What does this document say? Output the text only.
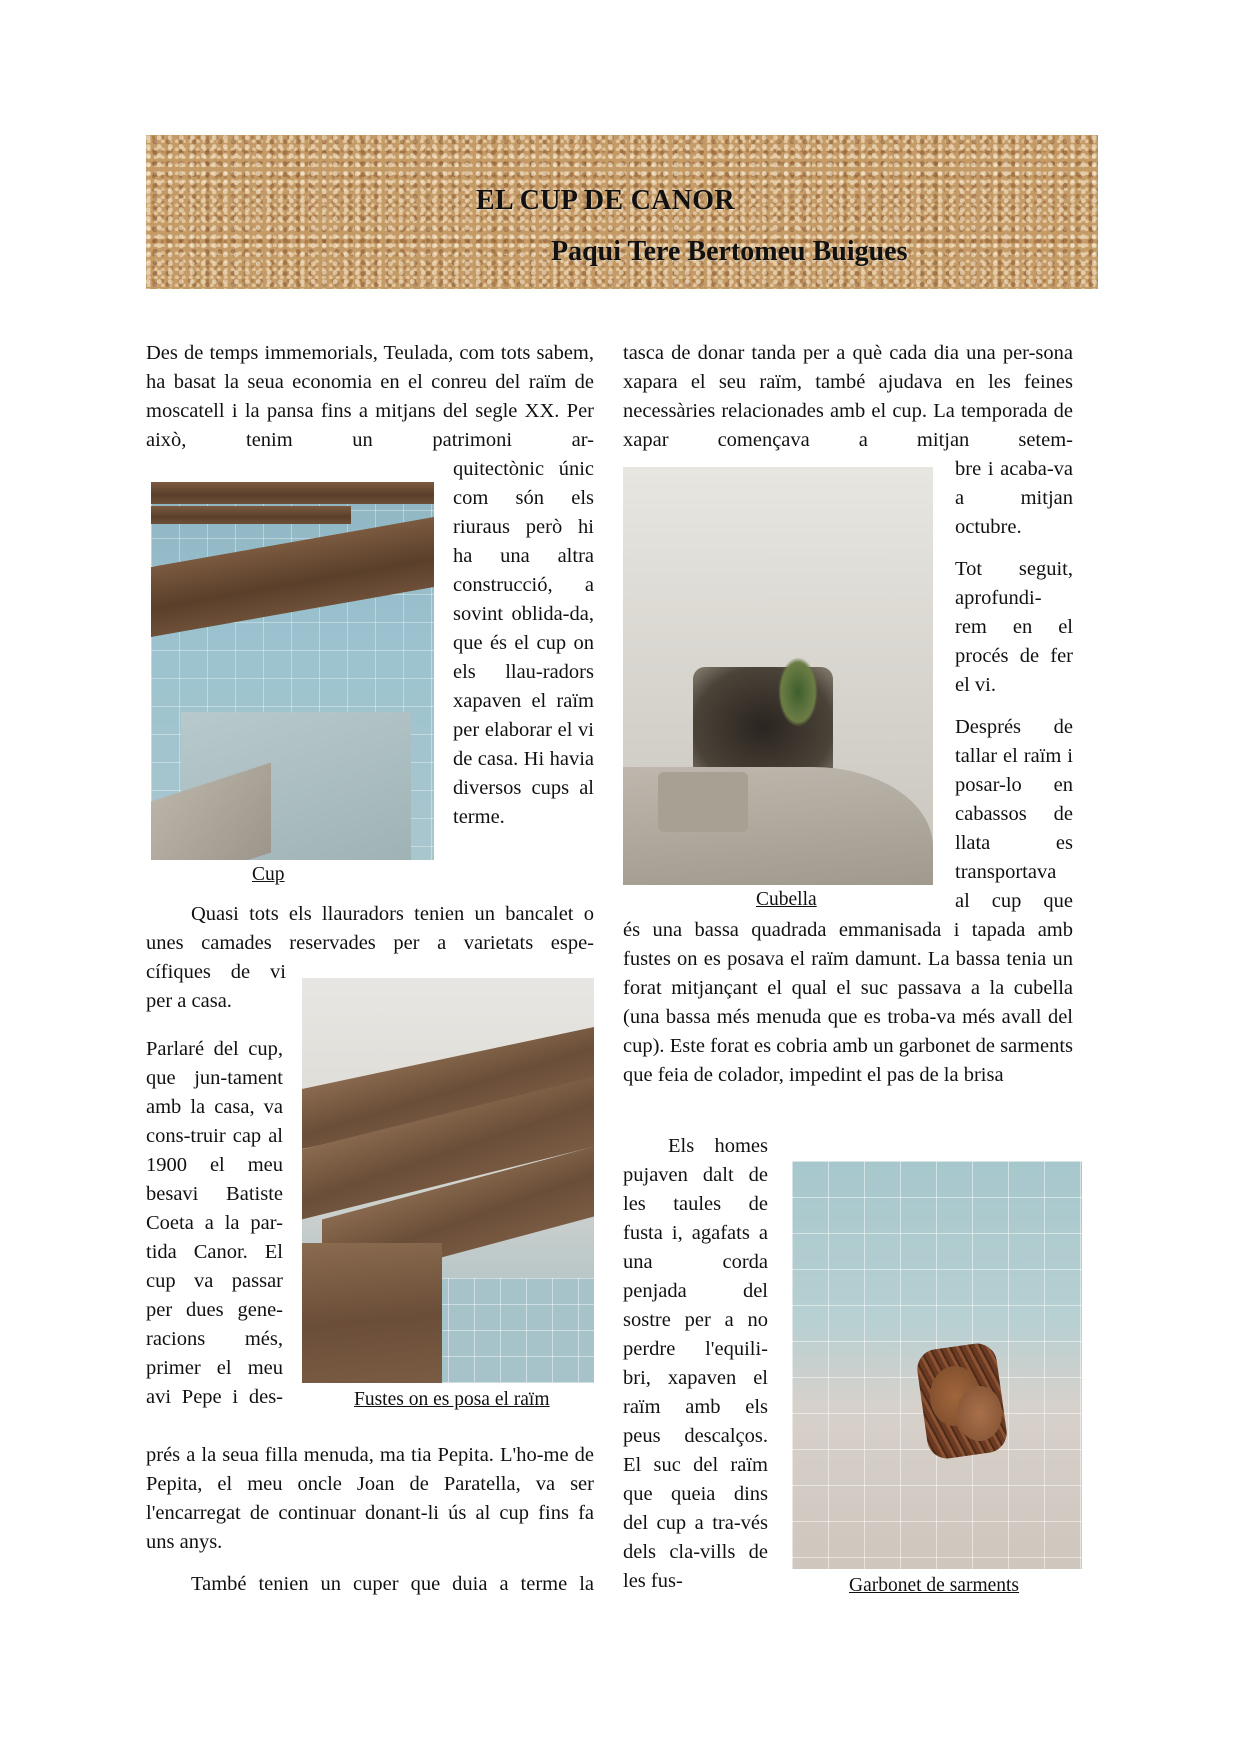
EL CUP DE CANOR
Paqui Tere Bertomeu Buigues

Des de temps immemorials, Teulada, com tots sabem, ha basat la seua economia en el conreu del raïm de moscatell i la pansa fins a mitjans del segle XX. Per això, tenim un patrimoni ar-

Cup

quitectònic únic com són els riuraus però hi ha una altra construcció, a sovint oblida-da, que és el cup on els llau-radors xapaven el raïm per elaborar el vi de casa. Hi havia diversos cups al terme.

Quasi tots els llauradors tenien un bancalet o unes camades reservades per a varietats espe-

cífiques de vi per a casa.

Fustes on es posa el raïm

Parlaré del cup, que jun-tament amb la casa, va cons-truir cap al 1900 el meu besavi Batiste Coeta a la par-tida Canor. El cup va passar per dues gene-racions més, primer el meu avi Pepe i des-

prés a la seua filla menuda, ma tia Pepita. L'ho-me de Pepita, el meu oncle Joan de Paratella, va ser l'encarregat de continuar donant-li ús al cup fins fa uns anys.

També tenien un cuper que duia a terme la

tasca de donar tanda per a què cada dia una per-sona xapara el seu raïm, també ajudava en les feines necessàries relacionades amb el cup. La temporada de xapar començava a mitjan setem-

Cubella

bre i acaba-va a mitjan octubre.

Tot seguit, aprofundi-rem en el procés de fer el vi.

Després de tallar el raïm i posar-lo en cabassos de llata es transportava al cup que

és una bassa quadrada emmanisada i tapada amb fustes on es posava el raïm damunt. La bassa tenia un forat mitjançant el qual el suc passava a la cubella (una bassa més menuda que es troba-va més avall del cup). Este forat es cobria amb un garbonet de sarments que feia de colador, impedint el pas de la brisa

Els homes pujaven dalt de les taules de fusta i, agafats a una corda penjada del sostre per a no perdre l'equili-bri, xapaven el raïm amb els peus descalços. El suc del raïm que queia dins del cup a tra-vés dels cla-vills de les fus-	Garbonet de sarments
